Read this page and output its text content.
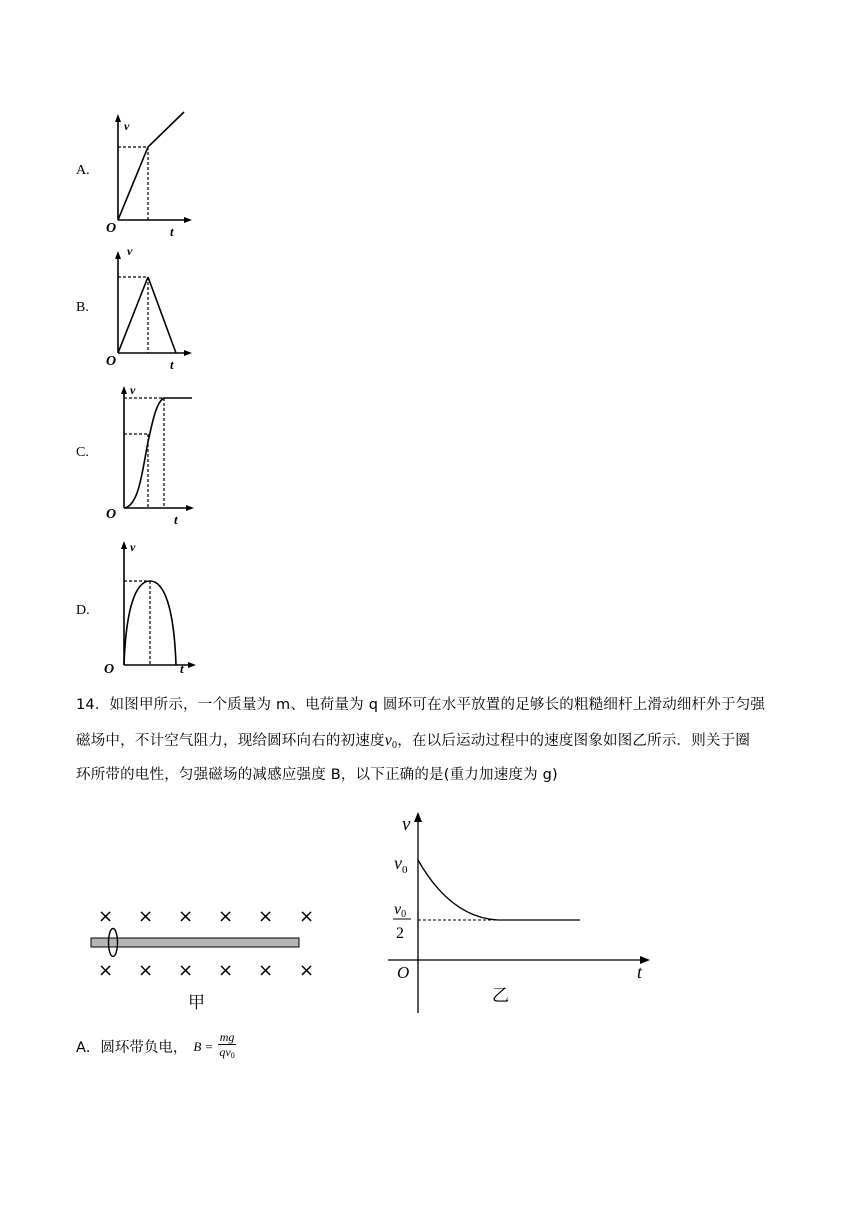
A.
B.
C.
D.
v
O	t
v
O	t
v
O	t
v
O	t
14．如图甲所示，一个质量为 m、电荷量为 q 圆环可在水平放置的足够长的粗糙细杆上滑动细杆外于匀强
磁场中，不计空气阻力，现给圆环向右的初速度$v_0$，在以后运动过程中的速度图象如图乙所示．则关于圈
环所带的电性，匀强磁场的减感应强度 B，以下正确的是(重力加速度为 g)
× × × × × ×
× × × × × ×
甲
v
$v_0$
v0
2
O	t
乙
A．圆环带负电， $B = \frac{mg}{qv0}$
